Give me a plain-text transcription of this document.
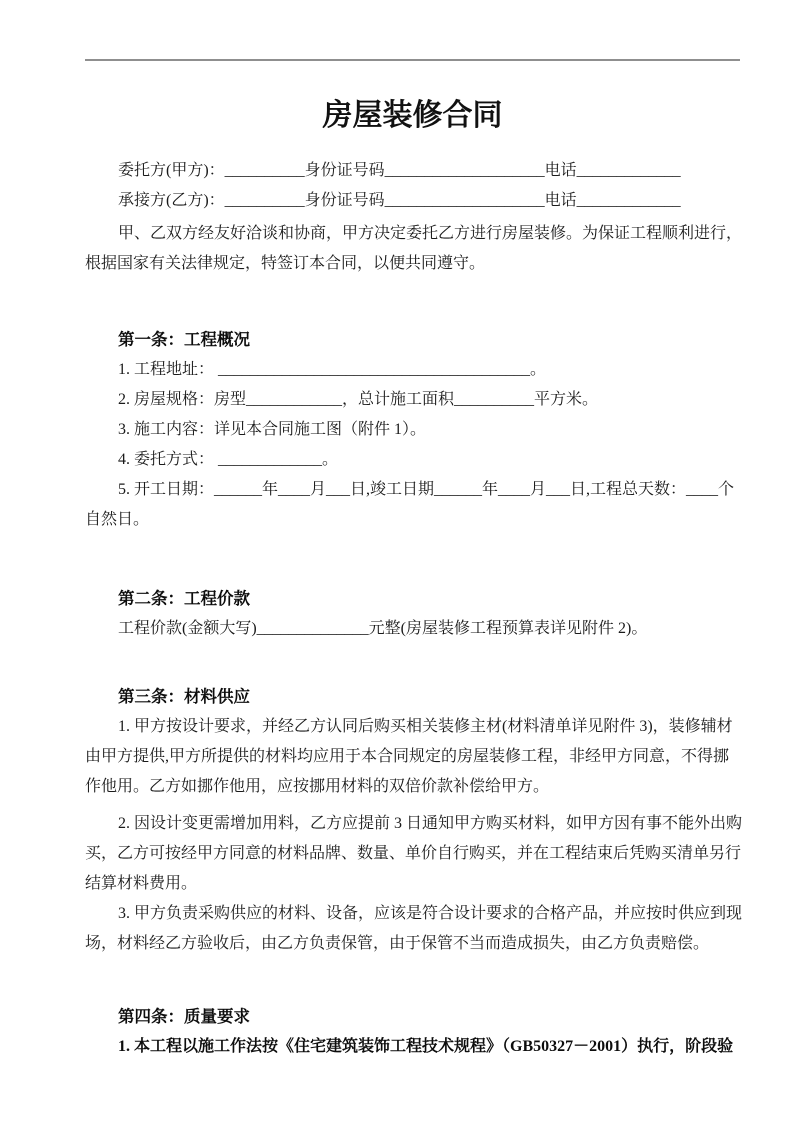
房屋装修合同
委托方(甲方)：__________身份证号码____________________电话_____________
承接方(乙方)：__________身份证号码____________________电话_____________
甲、乙双方经友好洽谈和协商，甲方决定委托乙方进行房屋装修。为保证工程顺利进行，
根据国家有关法律规定，特签订本合同，以便共同遵守。
第一条：工程概况
1. 工程地址： _______________________________________。
2. 房屋规格：房型____________，总计施工面积__________平方米。
3. 施工内容：详见本合同施工图（附件 1）。
4. 委托方式： _____________。
5. 开工日期：______年____月___日,竣工日期______年____月___日,工程总天数：____个
自然日。
第二条：工程价款
工程价款(金额大写)______________元整(房屋装修工程预算表详见附件 2)。
第三条：材料供应
1. 甲方按设计要求，并经乙方认同后购买相关装修主材(材料清单详见附件 3)，装修辅材
由甲方提供,甲方所提供的材料均应用于本合同规定的房屋装修工程，非经甲方同意，不得挪
作他用。乙方如挪作他用，应按挪用材料的双倍价款补偿给甲方。
2. 因设计变更需增加用料，乙方应提前 3 日通知甲方购买材料，如甲方因有事不能外出购
买，乙方可按经甲方同意的材料品牌、数量、单价自行购买，并在工程结束后凭购买清单另行
结算材料费用。
3. 甲方负责采购供应的材料、设备，应该是符合设计要求的合格产品，并应按时供应到现
场，材料经乙方验收后，由乙方负责保管，由于保管不当而造成损失，由乙方负责赔偿。
第四条：质量要求
1. 本工程以施工作法按《住宅建筑装饰工程技术规程》（GB50327－2001）执行，阶段验
